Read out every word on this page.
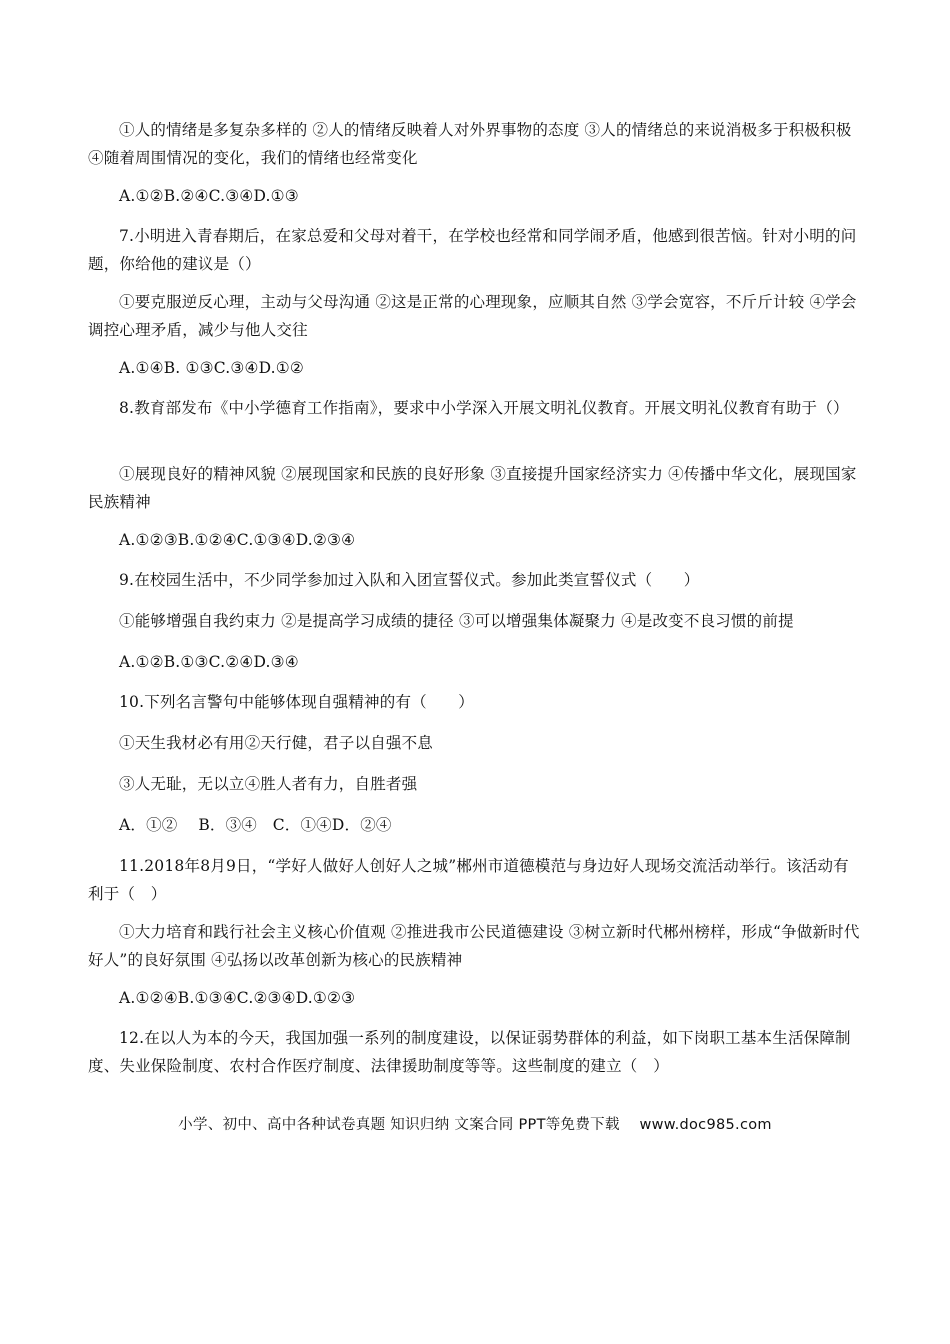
①人的情绪是多复杂多样的 ②人的情绪反映着人对外界事物的态度 ③人的情绪总的来说消极多于积极积极 ④随着周围情况的变化，我们的情绪也经常变化

A.①②B.②④C.③④D.①③

7.小明进入青春期后，在家总爱和父母对着干，在学校也经常和同学闹矛盾，他感到很苦恼。针对小明的问题，你给他的建议是（）

①要克服逆反心理，主动与父母沟通 ②这是正常的心理现象，应顺其自然 ③学会宽容，不斤斤计较 ④学会调控心理矛盾，减少与他人交往

A.①④B. ①③C.③④D.①②

8.教育部发布《中小学德育工作指南》，要求中小学深入开展文明礼仪教育。开展文明礼仪教育有助于（）

①展现良好的精神风貌 ②展现国家和民族的良好形象 ③直接提升国家经济实力 ④传播中华文化，展现国家民族精神

A.①②③B.①②④C.①③④D.②③④

9.在校园生活中，不少同学参加过入队和入团宣誓仪式。参加此类宣誓仪式（　　）

①能够增强自我约束力 ②是提高学习成绩的捷径 ③可以增强集体凝聚力 ④是改变不良习惯的前提

A.①②B.①③C.②④D.③④

10.下列名言警句中能够体现自强精神的有（　　）

①天生我材必有用②天行健，君子以自强不息

③人无耻，无以立④胜人者有力，自胜者强

A．①②　 B．③④　C．①④D．②④

11.2018年8月9日，“学好人做好人创好人之城”郴州市道德模范与身边好人现场交流活动举行。该活动有利于（　）

①大力培育和践行社会主义核心价值观 ②推进我市公民道德建设 ③树立新时代郴州榜样，形成“争做新时代好人”的良好氛围 ④弘扬以改革创新为核心的民族精神

A.①②④B.①③④C.②③④D.①②③

12.在以人为本的今天，我国加强一系列的制度建设，以保证弱势群体的利益，如下岗职工基本生活保障制度、失业保险制度、农村合作医疗制度、法律援助制度等等。这些制度的建立（　）

小学、初中、高中各种试卷真题 知识归纳 文案合同 PPT等免费下载　 www.doc985.com
